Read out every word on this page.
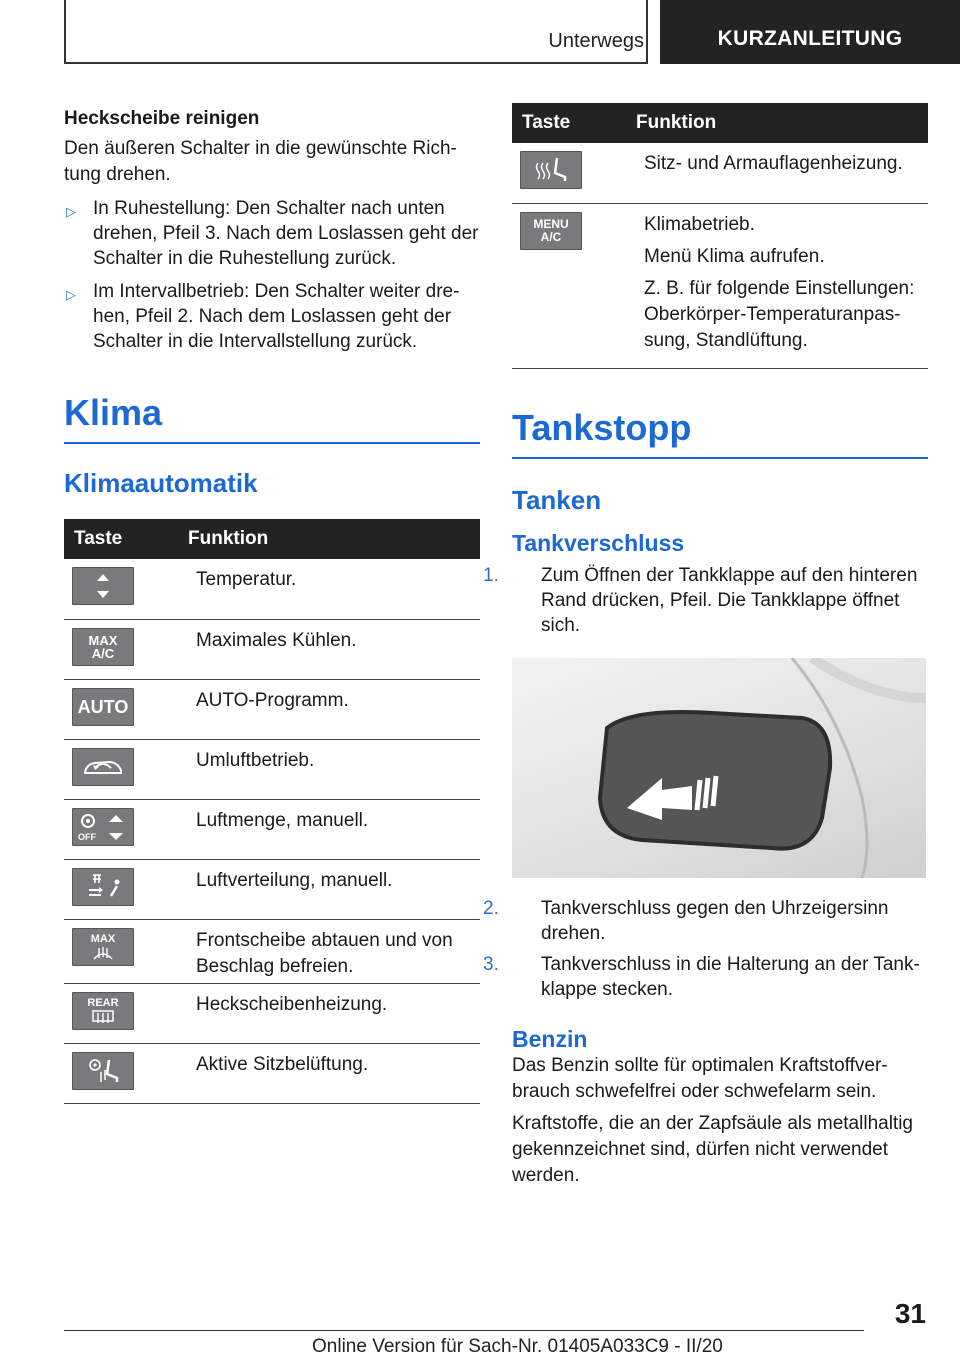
Unterwegs	KURZANLEITUNG
Heckscheibe reinigen

Den äußeren Schalter in die gewünschte Rich-tung drehen.

▷ In Ruhestellung: Den Schalter nach unten drehen, Pfeil 3. Nach dem Loslassen geht der Schalter in die Ruhestellung zurück.
▷ Im Intervallbetrieb: Den Schalter weiter dre-hen, Pfeil 2. Nach dem Loslassen geht der Schalter in die Intervallstellung zurück.
Klima
Klimaautomatik
Taste	Funktion

	Temperatur.

MAX A/C	Maximales Kühlen.

AUTO	AUTO-Programm.

	Umluftbetrieb.

OFF	Luftmenge, manuell.

	Luftverteilung, manuell.

MAX	Frontscheibe abtauen und von Beschlag befreien.

REAR	Heckscheibenheizung.

	Aktive Sitzbelüftung.
Taste	Funktion

	Sitz- und Armauflagenheizung.

MENU A/C	Klimabetrieb.

Menü Klima aufrufen.

Z. B. für folgende Einstellungen: Oberkörper-Temperaturanpas-sung, Standlüftung.

Tankstopp
Tanken
Tankverschluss
1. Zum Öffnen der Tankklappe auf den hinteren Rand drücken, Pfeil. Die Tankklappe öffnet sich.
2. Tankverschluss gegen den Uhrzeigersinn drehen.
3. Tankverschluss in die Halterung an der Tank-klappe stecken.
Benzin

Das Benzin sollte für optimalen Kraftstoffver-brauch schwefelfrei oder schwefelarm sein.

Kraftstoffe, die an der Zapfsäule als metallhaltig gekennzeichnet sind, dürfen nicht verwendet werden.

31
Online Version für Sach-Nr. 01405A033C9 - II/20
